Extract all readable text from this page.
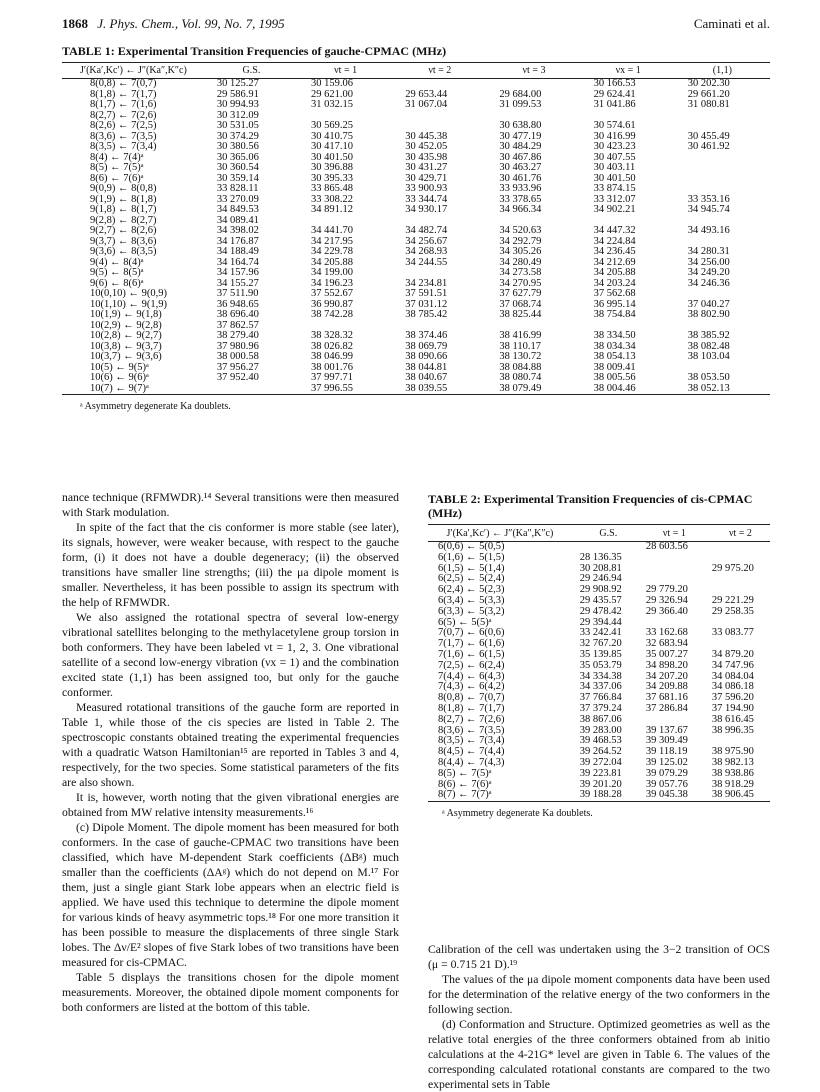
1868 J. Phys. Chem., Vol. 99, No. 7, 1995	Caminati et al.
TABLE 1: Experimental Transition Frequencies of gauche-CPMAC (MHz)
J′(Ka′,Kc′) ← J″(Ka″,K″c)	G.S.	νt = 1	νt = 2	νt = 3	νx = 1	(1,1)
8(0,8) ← 7(0,7)	30 125.27	30 159.06			30 166.53	30 202.30
8(1,8) ← 7(1,7)	29 586.91	29 621.00	29 653.44	29 684.00	29 624.41	29 661.20
8(1,7) ← 7(1,6)	30 994.93	31 032.15	31 067.04	31 099.53	31 041.86	31 080.81
8(2,7) ← 7(2,6)	30 312.09					
8(2,6) ← 7(2,5)	30 531.05	30 569.25		30 638.80	30 574.61	
8(3,6) ← 7(3,5)	30 374.29	30 410.75	30 445.38	30 477.19	30 416.99	30 455.49
8(3,5) ← 7(3,4)	30 380.56	30 417.10	30 452.05	30 484.29	30 423.23	30 461.92
8(4) ← 7(4)ᵃ	30 365.06	30 401.50	30 435.98	30 467.86	30 407.55	
8(5) ← 7(5)ᵃ	30 360.54	30 396.88	30 431.27	30 463.27	30 403.11	
8(6) ← 7(6)ᵃ	30 359.14	30 395.33	30 429.71	30 461.76	30 401.50	
9(0,9) ← 8(0,8)	33 828.11	33 865.48	33 900.93	33 933.96	33 874.15	
9(1,9) ← 8(1,8)	33 270.09	33 308.22	33 344.74	33 378.65	33 312.07	33 353.16
9(1,8) ← 8(1,7)	34 849.53	34 891.12	34 930.17	34 966.34	34 902.21	34 945.74
9(2,8) ← 8(2,7)	34 089.41					
9(2,7) ← 8(2,6)	34 398.02	34 441.70	34 482.74	34 520.63	34 447.32	34 493.16
9(3,7) ← 8(3,6)	34 176.87	34 217.95	34 256.67	34 292.79	34 224.84	
9(3,6) ← 8(3,5)	34 188.49	34 229.78	34 268.93	34 305.26	34 236.45	34 280.31
9(4) ← 8(4)ᵃ	34 164.74	34 205.88	34 244.55	34 280.49	34 212.69	34 256.00
9(5) ← 8(5)ᵃ	34 157.96	34 199.00		34 273.58	34 205.88	34 249.20
9(6) ← 8(6)ᵃ	34 155.27	34 196.23	34 234.81	34 270.95	34 203.24	34 246.36
10(0,10) ← 9(0,9)	37 511.90	37 552.67	37 591.51	37 627.79	37 562.68	
10(1,10) ← 9(1,9)	36 948.65	36 990.87	37 031.12	37 068.74	36 995.14	37 040.27
10(1,9) ← 9(1,8)	38 696.40	38 742.28	38 785.42	38 825.44	38 754.84	38 802.90
10(2,9) ← 9(2,8)	37 862.57					
10(2,8) ← 9(2,7)	38 279.40	38 328.32	38 374.46	38 416.99	38 334.50	38 385.92
10(3,8) ← 9(3,7)	37 980.96	38 026.82	38 069.79	38 110.17	38 034.34	38 082.48
10(3,7) ← 9(3,6)	38 000.58	38 046.99	38 090.66	38 130.72	38 054.13	38 103.04
10(5) ← 9(5)ᵃ	37 956.27	38 001.76	38 044.81	38 084.88	38 009.41	
10(6) ← 9(6)ᵃ	37 952.40	37 997.71	38 040.67	38 080.74	38 005.56	38 053.50
10(7) ← 9(7)ᵃ		37 996.55	38 039.55	38 079.49	38 004.46	38 052.13
ᵃ Asymmetry degenerate Ka doublets.

nance technique (RFMWDR).¹⁴ Several transitions were then measured with Stark modulation.

In spite of the fact that the cis conformer is more stable (see later), its signals, however, were weaker because, with respect to the gauche form, (i) it does not have a double degeneracy; (ii) the observed transitions have smaller line strengths; (iii) the μa dipole moment is smaller. Nevertheless, it has been possible to assign its spectrum with the help of RFMWDR.

We also assigned the rotational spectra of several low-energy vibrational satellites belonging to the methylacetylene group torsion in both conformers. They have been labeled νt = 1, 2, 3. One vibrational satellite of a second low-energy vibration (νx = 1) and the combination excited state (1,1) has been assigned too, but only for the gauche conformer.

Measured rotational transitions of the gauche form are reported in Table 1, while those of the cis species are listed in Table 2. The spectroscopic constants obtained treating the experimental frequencies with a quadratic Watson Hamiltonian¹⁵ are reported in Tables 3 and 4, respectively, for the two species. Some statistical parameters of the fits are also shown.

It is, however, worth noting that the given vibrational energies are obtained from MW relative intensity measurements.¹⁶

(c) Dipole Moment. The dipole moment has been measured for both conformers. In the case of gauche-CPMAC two transitions have been classified, which have M-dependent Stark coefficients (ΔBᵍ) much smaller than the coefficients (ΔAᵍ) which do not depend on M.¹⁷ For them, just a single giant Stark lobe appears when an electric field is applied. We have used this technique to determine the dipole moment for various kinds of heavy asymmetric tops.¹⁸ For one more transition it has been possible to measure the displacements of three single Stark lobes. The Δν/E² slopes of five Stark lobes of two transitions have been measured for cis-CPMAC.

Table 5 displays the transitions chosen for the dipole moment measurements. Moreover, the obtained dipole moment components for both conformers are listed at the bottom of this table.

TABLE 2: Experimental Transition Frequencies of cis-CPMAC (MHz)
J′(Ka′,Kc′) ← J″(Ka″,K″c)	G.S.	νt = 1	νt = 2
6(0,6) ← 5(0,5)		28 603.56	
6(1,6) ← 5(1,5)	28 136.35		
6(1,5) ← 5(1,4)	30 208.81		29 975.20
6(2,5) ← 5(2,4)	29 246.94		
6(2,4) ← 5(2,3)	29 908.92	29 779.20	
6(3,4) ← 5(3,3)	29 435.57	29 326.94	29 221.29
6(3,3) ← 5(3,2)	29 478.42	29 366.40	29 258.35
6(5) ← 5(5)ᵃ	29 394.44		
7(0,7) ← 6(0,6)	33 242.41	33 162.68	33 083.77
7(1,7) ← 6(1,6)	32 767.20	32 683.94	
7(1,6) ← 6(1,5)	35 139.85	35 007.27	34 879.20
7(2,5) ← 6(2,4)	35 053.79	34 898.20	34 747.96
7(4,4) ← 6(4,3)	34 334.38	34 207.20	34 084.04
7(4,3) ← 6(4,2)	34 337.06	34 209.88	34 086.18
8(0,8) ← 7(0,7)	37 766.84	37 681.16	37 596.20
8(1,8) ← 7(1,7)	37 379.24	37 286.84	37 194.90
8(2,7) ← 7(2,6)	38 867.06		38 616.45
8(3,6) ← 7(3,5)	39 283.00	39 137.67	38 996.35
8(3,5) ← 7(3,4)	39 468.53	39 309.49	
8(4,5) ← 7(4,4)	39 264.52	39 118.19	38 975.90
8(4,4) ← 7(4,3)	39 272.04	39 125.02	38 982.13
8(5) ← 7(5)ᵃ	39 223.81	39 079.29	38 938.86
8(6) ← 7(6)ᵃ	39 201.20	39 057.76	38 918.29
8(7) ← 7(7)ᵃ	39 188.28	39 045.38	38 906.45
ᵃ Asymmetry degenerate Ka doublets.

Calibration of the cell was undertaken using the 3−2 transition of OCS (μ = 0.715 21 D).¹⁹

The values of the μa dipole moment components data have been used for the determination of the relative energy of the two conformers in the following section.

(d) Conformation and Structure. Optimized geometries as well as the relative total energies of the three conformers obtained from ab initio calculations at the 4-21G* level are given in Table 6. The values of the corresponding calculated rotational constants are compared to the two experimental sets in Table
